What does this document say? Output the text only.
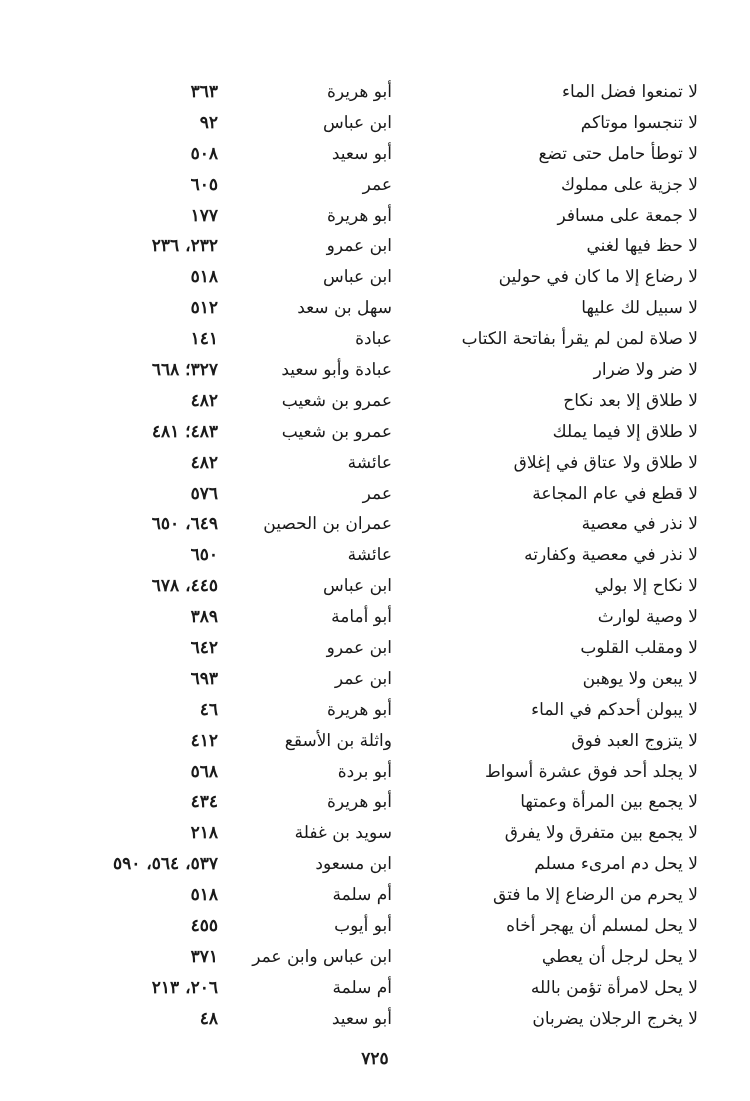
لا تمنعوا فضل الماء
أبو هريرة
٣٦٣
لا تنجسوا موتاكم
ابن عباس
٩٢
لا توطأ حامل حتى تضع
أبو سعيد
٥٠٨
لا جزية على مملوك
عمر
٦٠٥
لا جمعة على مسافر
أبو هريرة
١٧٧
لا حظ فيها لغني
ابن عمرو
٢٣٢، ٢٣٦
لا رضاع إلا ما كان في حولين
ابن عباس
٥١٨
لا سبيل لك عليها
سهل بن سعد
٥١٢
لا صلاة لمن لم يقرأ بفاتحة الكتاب
عبادة
١٤١
لا ضر ولا ضرار
عبادة وأبو سعيد
٣٢٧؛ ٦٦٨
لا طلاق إلا بعد نكاح
عمرو بن شعيب
٤٨٢
لا طلاق إلا فيما يملك
عمرو بن شعيب
٤٨٣؛ ٤٨١
لا طلاق ولا عتاق في إغلاق
عائشة
٤٨٢
لا قطع في عام المجاعة
عمر
٥٧٦
لا نذر في معصية
عمران بن الحصين
٦٤٩، ٦٥٠
لا نذر في معصية وكفارته
عائشة
٦٥٠
لا نكاح إلا بولي
ابن عباس
٤٤٥، ٦٧٨
لا وصية لوارث
أبو أمامة
٣٨٩
لا ومقلب القلوب
ابن عمرو
٦٤٢
لا يبعن ولا يوهبن
ابن عمر
٦٩٣
لا يبولن أحدكم في الماء
أبو هريرة
٤٦
لا يتزوج العبد فوق
واثلة بن الأسقع
٤١٢
لا يجلد أحد فوق عشرة أسواط
أبو بردة
٥٦٨
لا يجمع بين المرأة وعمتها
أبو هريرة
٤٣٤
لا يجمع بين متفرق ولا يفرق
سويد بن غفلة
٢١٨
لا يحل دم امرىء مسلم
ابن مسعود
٥٣٧، ٥٦٤، ٥٩٠
لا يحرم من الرضاع إلا ما فتق
أم سلمة
٥١٨
لا يحل لمسلم أن يهجر أخاه
أبو أيوب
٤٥٥
لا يحل لرجل أن يعطي
ابن عباس وابن عمر
٣٧١
لا يحل لامرأة تؤمن بالله
أم سلمة
٢٠٦، ٢١٣
لا يخرج الرجلان يضربان
أبو سعيد
٤٨
٧٢٥
